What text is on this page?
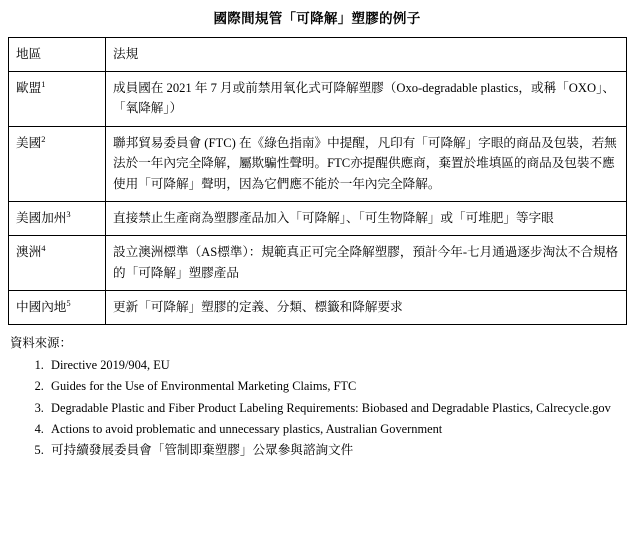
國際間規管「可降解」塑膠的例子
地區	法規
歐盟$^1$	成員國在 2021 年 7 月或前禁用氧化式可降解塑膠（Oxo-degradable plastics，或稱「OXO」、「氧降解」）
美國$^2$	聯邦貿易委員會 (FTC) 在《綠色指南》中提醒，凡印有「可降解」字眼的商品及包裝，若無法於一年內完全降解，屬欺騙性聲明。FTC亦提醒供應商，棄置於堆填區的商品及包裝不應使用「可降解」聲明，因為它們應不能於一年內完全降解。
美國加州$^3$	直接禁止生產商為塑膠產品加入「可降解」、「可生物降解」或「可堆肥」等字眼
澳洲$^4$	設立澳洲標準（AS標準）：規範真正可完全降解塑膠，預計今年-七月通過逐步淘汰不合規格的「可降解」塑膠產品
中國內地$^5$	更新「可降解」塑膠的定義、分類、標籤和降解要求
資料來源：
1. Directive 2019/904, EU
2. Guides for the Use of Environmental Marketing Claims, FTC
3. Degradable Plastic and Fiber Product Labeling Requirements: Biobased and Degradable Plastics, Calrecycle.gov
4. Actions to avoid problematic and unnecessary plastics, Australian Government
5. 可持續發展委員會「管制即棄塑膠」公眾參與諮詢文件
